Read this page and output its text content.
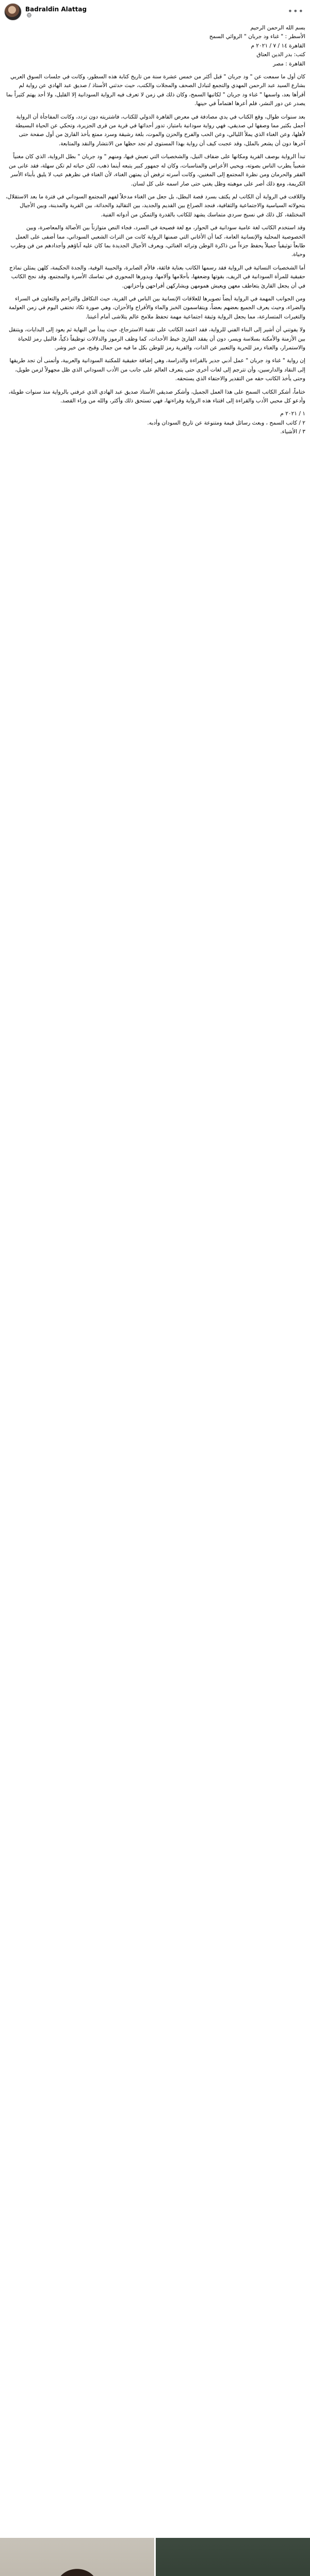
Badraldin Alattag	•••

بسم الله الرحمن الرحيم
الأسطر : " غناء ود جربان " الروائي السمح
القاهرة ١٤ / ٧ / ٢٠٢١ م
كتب: بدر الدين العتاق
القاهرة : مصر

كان أول ما سمعت عن " ود جربان " قبل أكثر من خمس عشرة سنة من تاريخ كتابة هذه السطور، وكانت في جلسات السوق العربي بشارع السيد عبد الرحمن المهدي والتجمع لتبادل الصحف والمجلات والكتب، حيث حدثني الأستاذ / صديق عبد الهادي عن رواية لم أقرأها بعد، واسمها " غناء ود جربان " لكاتبها السمح، وكان ذلك في زمن لا تعرف فيه الرواية السودانية إلا القليل، ولا أحد يهتم كثيراً بما يصدر عن دور النشر، فلم أعرها اهتماماً في حينها.

بعد سنوات طوال، وقع الكتاب في يدي مصادفة في معرض القاهرة الدولي للكتاب، فاشتريته دون تردد، وكانت المفاجأة أن الرواية أجمل بكثير مما وصفها لي صديقي، فهي رواية سودانية بامتياز، تدور أحداثها في قرية من قرى الجزيرة، وتحكي عن الحياة البسيطة لأهلها، وعن الغناء الذي يملأ الليالي، وعن الحب والفرح والحزن والموت، بلغة رشيقة وسرد ممتع يأخذ القارئ من أول صفحة حتى آخرها دون أن يشعر بالملل، وقد عجبت كيف أن رواية بهذا المستوى لم تجد حظها من الانتشار والنقد والمتابعة.

تبدأ الرواية بوصف القرية ومكانها على ضفاف النيل، والشخصيات التي تعيش فيها، ومنهم " ود جربان " بطل الرواية، الذي كان مغنياً شعبياً يطرب الناس بصوته، ويحيي الأعراس والمناسبات، وكان له جمهور كبير يتبعه أينما ذهب، لكن حياته لم تكن سهلة، فقد عانى من الفقر والحرمان ومن نظرة المجتمع إلى المغنين، وكانت أسرته ترفض أن يمتهن الغناء، لأن الغناء في نظرهم عيب لا يليق بأبناء الأسر الكريمة، ومع ذلك أصر على موهبته وظل يغني حتى صار اسمه على كل لسان.

واللافت في الرواية أن الكاتب لم يكتف بسرد قصة البطل، بل جعل من الغناء مدخلاً لفهم المجتمع السوداني في فترة ما بعد الاستقلال، بتحولاته السياسية والاجتماعية والثقافية، فنجد الصراع بين القديم والجديد، بين التقاليد والحداثة، بين القرية والمدينة، وبين الأجيال المختلفة، كل ذلك في نسيج سردي متماسك يشهد للكاتب بالقدرة والتمكن من أدواته الفنية.

وقد استخدم الكاتب لغة عامية سودانية في الحوار، مع لغة فصيحة في السرد، فجاء النص متوازناً بين الأصالة والمعاصرة، وبين الخصوصية المحلية والإنسانية العامة، كما أن الأغاني التي ضمنها الرواية كانت من التراث الشعبي السوداني، مما أضفى على العمل طابعاً توثيقياً جميلاً يحفظ جزءاً من ذاكرة الوطن وتراثه الغنائي، ويعرف الأجيال الجديدة بما كان عليه آباؤهم وأجدادهم من فن وطرب وحياة.

أما الشخصيات النسائية في الرواية فقد رسمها الكاتب بعناية فائقة، فالأم الصابرة، والحبيبة الوفية، والجدة الحكيمة، كلهن يمثلن نماذج حقيقية للمرأة السودانية في الريف، بقوتها وضعفها، بأحلامها وآلامها، وبدورها المحوري في تماسك الأسرة والمجتمع، وقد نجح الكاتب في أن يجعل القارئ يتعاطف معهن ويعيش همومهن ويشاركهن أفراحهن وأحزانهن.

ومن الجوانب المهمة في الرواية أيضاً تصويرها للعلاقات الإنسانية بين الناس في القرية، حيث التكافل والتراحم والتعاون في السراء والضراء، وحيث يعرف الجميع بعضهم بعضاً، ويتقاسمون الخبز والماء والأفراح والأحزان، وهي صورة تكاد تختفي اليوم في زمن العولمة والتغيرات المتسارعة، مما يجعل الرواية وثيقة اجتماعية مهمة تحفظ ملامح عالم يتلاشى أمام أعيننا.

ولا يفوتني أن أشير إلى البناء الفني للرواية، فقد اعتمد الكاتب على تقنية الاسترجاع، حيث يبدأ من النهاية ثم يعود إلى البدايات، ويتنقل بين الأزمنة والأمكنة بسلاسة ويسر، دون أن يفقد القارئ خيط الأحداث، كما وظف الرموز والدلالات توظيفاً ذكياً، فالنيل رمز للحياة والاستمرار، والغناء رمز للحرية والتعبير عن الذات، والقرية رمز للوطن بكل ما فيه من جمال وقبح، من خير وشر.

إن رواية " غناء ود جربان " عمل أدبي جدير بالقراءة والدراسة، وهي إضافة حقيقية للمكتبة السودانية والعربية، وأتمنى أن تجد طريقها إلى النقاد والدارسين، وأن تترجم إلى لغات أخرى حتى يتعرف العالم على جانب من الأدب السوداني الذي ظل مجهولاً لزمن طويل، وحتى يأخذ الكاتب حقه من التقدير والاحتفاء الذي يستحقه.

ختاماً، أشكر الكاتب السمح على هذا العمل الجميل، وأشكر صديقي الأستاذ صديق عبد الهادي الذي عرفني بالرواية منذ سنوات طويلة، وأدعو كل محبي الأدب والقراءة إلى اقتناء هذه الرواية وقراءتها، فهي تستحق ذلك وأكثر، والله من وراء القصد.

١ / ٢٠٢١ م
٢ / كاتب السمح ، وبعث رسائل قيمة ومتنوعة عن تاريخ السودان وأدبه.
٣ / الأشياء.
